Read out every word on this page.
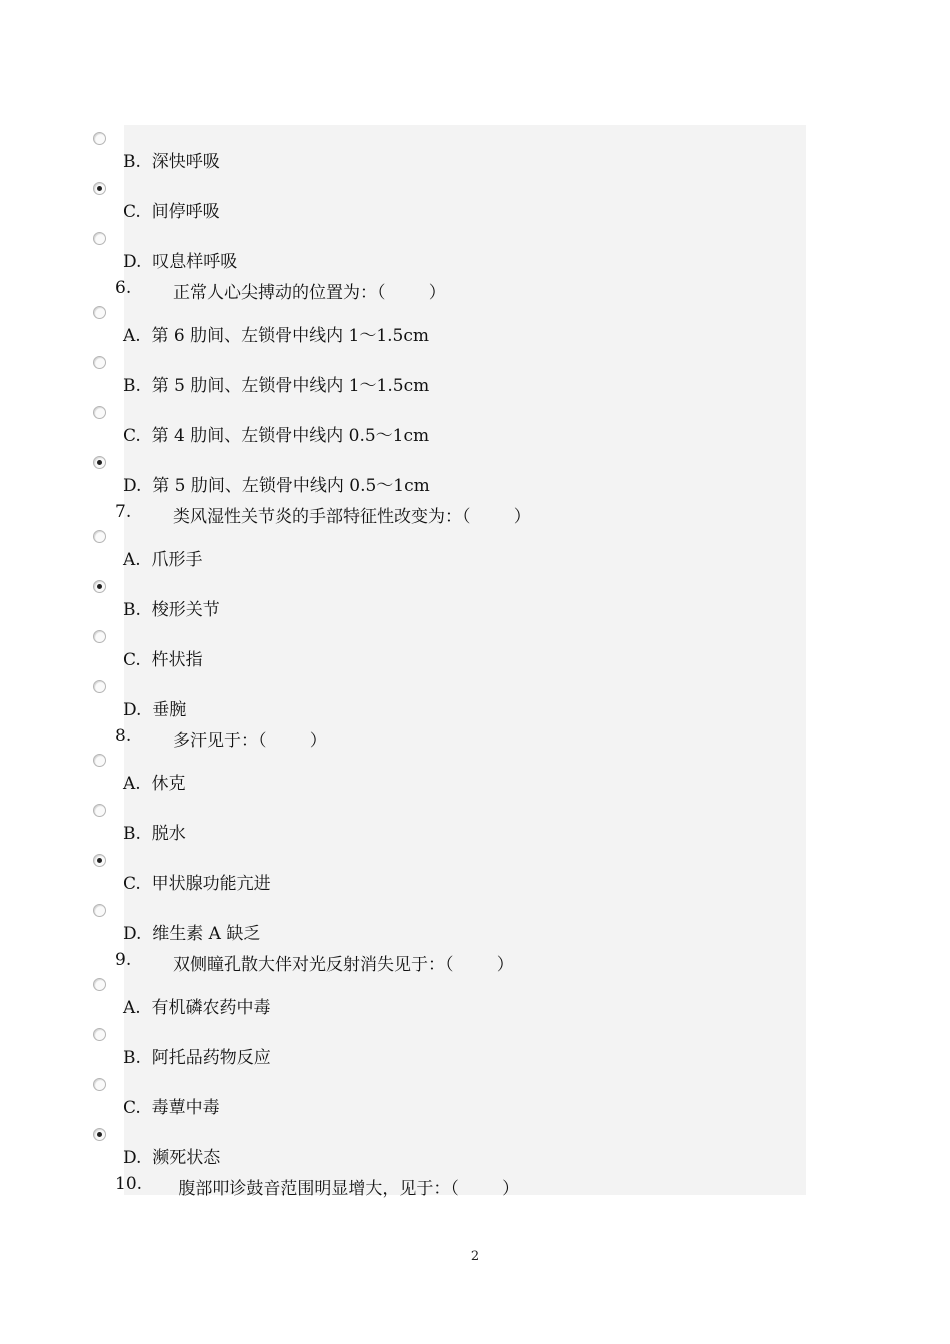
B.  深快呼吸
C.  间停呼吸
D.  叹息样呼吸
6. 正常人心尖搏动的位置为：（        ）
A.  第 6 肋间、左锁骨中线内 1～1.5cm
B.  第 5 肋间、左锁骨中线内 1～1.5cm
C.  第 4 肋间、左锁骨中线内 0.5～1cm
D.  第 5 肋间、左锁骨中线内 0.5～1cm
7. 类风湿性关节炎的手部特征性改变为：（        ）
A.  爪形手
B.  梭形关节
C.  杵状指
D.  垂腕
8. 多汗见于：（        ）
A.  休克
B.  脱水
C.  甲状腺功能亢进
D.  维生素 A 缺乏
9. 双侧瞳孔散大伴对光反射消失见于：（        ）
A.  有机磷农药中毒
B.  阿托品药物反应
C.  毒蕈中毒
D.  濒死状态
10. 腹部叩诊鼓音范围明显增大，见于：（        ）
2
